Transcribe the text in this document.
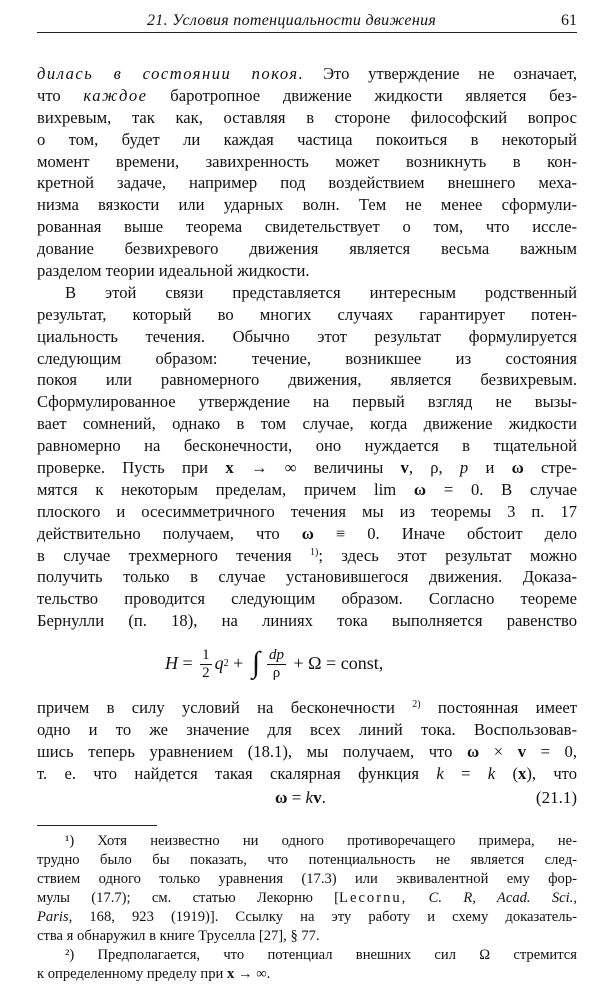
21. Условия потенциальности движения	61
дилась в состоянии покоя. Это утверждение не означает,
что каждое баротропное движение жидкости является без-
вихревым, так как, оставляя в стороне философский вопрос
о том, будет ли каждая частица покоиться в некоторый
момент времени, завихренность может возникнуть в кон-
кретной задаче, например под воздействием внешнего меха-
низма вязкости или ударных волн. Тем не менее сформули-
рованная выше теорема свидетельствует о том, что иссле-
дование безвихревого движения является весьма важным
разделом теории идеальной жидкости.
В этой связи представляется интересным родственный
результат, который во многих случаях гарантирует потен-
циальность течения. Обычно этот результат формулируется
следующим образом: течение, возникшее из состояния
покоя или равномерного движения, является безвихревым.
Сформулированное утверждение на первый взгляд не вызы-
вает сомнений, однако в том случае, когда движение жидкости
равномерно на бесконечности, оно нуждается в тщательной
проверке. Пусть при x → ∞ величины v, ρ, p и ω стре-
мятся к некоторым пределам, причем lim ω = 0. В случае
плоского и осесимметричного течения мы из теоремы 3 п. 17
действительно получаем, что ω ≡ 0. Иначе обстоит дело
в случае трехмерного течения $^{1)}$; здесь этот результат можно
получить только в случае установившегося движения. Доказа-
тельство проводится следующим образом. Согласно теореме
Бернулли (п. 18), на линиях тока выполняется равенство
$H = \frac{1}{2}$ q 2 + ∫ $\frac{dp}{\rho} + \Omega$ = const,
причем в силу условий на бесконечности $^{2)}$ постоянная имеет
одно и то же значение для всех линий тока. Воспользовав-
шись теперь уравнением (18.1), мы получаем, что ω × v = 0,
т. е. что найдется такая скалярная функция k = k (x), что
ω = kv.	(21.1)
¹) Хотя неизвестно ни одного противоречащего примера, не-
трудно было бы показать, что потенциальность не является след-
ствием одного только уравнения (17.3) или эквивалентной ему фор-
мулы (17.7); см. статью Лекорню [Lecornu, C. R, Acad. Sci.,
Paris, 168, 923 (1919)]. Ссылку на эту работу и схему доказатель-
ства я обнаружил в книге Труселла [27], § 77.
²) Предполагается, что потенциал внешних сил Ω стремится
к определенному пределу при x → ∞.
